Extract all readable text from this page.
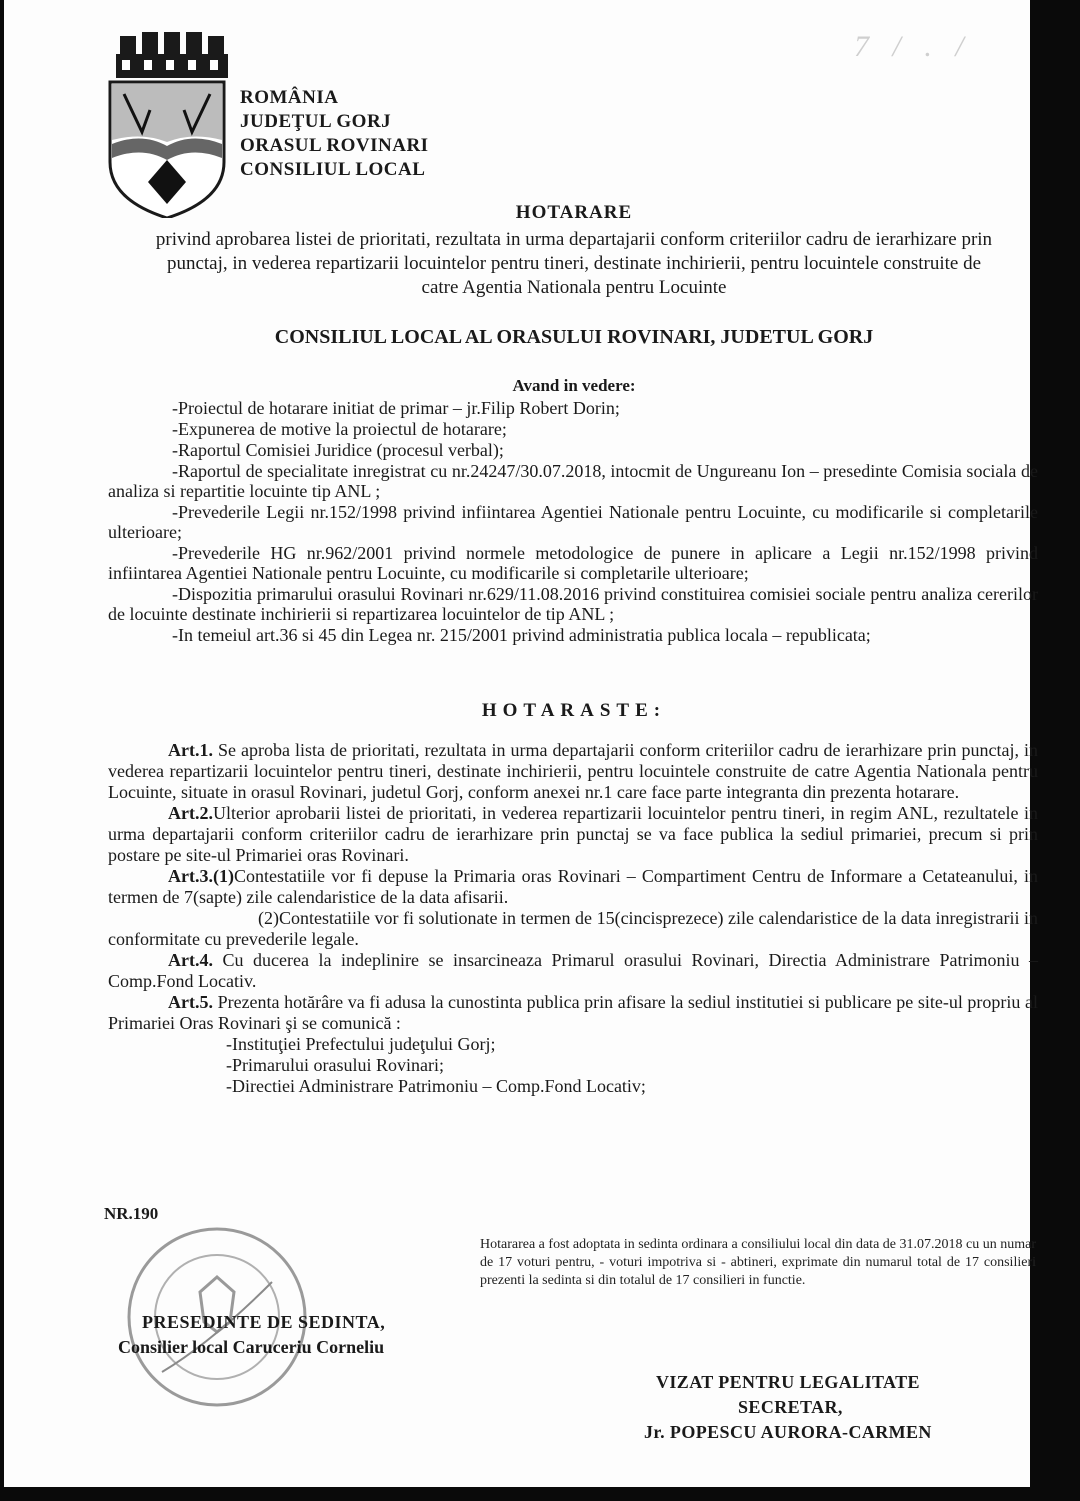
ROMÂNIA
JUDEŢUL GORJ
ORASUL ROVINARI
CONSILIUL LOCAL
7 / . /
HOTARARE
privind aprobarea listei de prioritati, rezultata in urma departajarii conform criteriilor cadru de ierarhizare prin punctaj, in vederea repartizarii locuintelor pentru tineri, destinate inchirierii, pentru locuintele construite de catre Agentia Nationala pentru Locuinte
CONSILIUL LOCAL AL ORASULUI ROVINARI, JUDETUL GORJ
Avand in vedere:

-Proiectul de hotarare initiat de primar – jr.Filip Robert Dorin;

-Expunerea de motive la proiectul de hotarare;

-Raportul Comisiei Juridice (procesul verbal);

-Raportul de specialitate inregistrat cu nr.24247/30.07.2018, intocmit de Ungureanu Ion – presedinte Comisia sociala de analiza si repartitie locuinte tip ANL ;

-Prevederile Legii nr.152/1998 privind infiintarea Agentiei Nationale pentru Locuinte, cu modificarile si completarile ulterioare;

-Prevederile HG nr.962/2001 privind normele metodologice de punere in aplicare a Legii nr.152/1998 privind infiintarea Agentiei Nationale pentru Locuinte, cu modificarile si completarile ulterioare;

-Dispozitia primarului orasului Rovinari nr.629/11.08.2016 privind constituirea comisiei sociale pentru analiza cererilor de locuinte destinate inchirierii si repartizarea locuintelor de tip ANL ;

-In temeiul art.36 si 45 din Legea nr. 215/2001 privind administratia publica locala – republicata;

HOTARASTE:

Art.1. Se aproba lista de prioritati, rezultata in urma departajarii conform criteriilor cadru de ierarhizare prin punctaj, in vederea repartizarii locuintelor pentru tineri, destinate inchirierii, pentru locuintele construite de catre Agentia Nationala pentru Locuinte, situate in orasul Rovinari, judetul Gorj, conform anexei nr.1 care face parte integranta din prezenta hotarare.

Art.2.Ulterior aprobarii listei de prioritati, in vederea repartizarii locuintelor pentru tineri, in regim ANL, rezultatele in urma departajarii conform criteriilor cadru de ierarhizare prin punctaj se va face publica la sediul primariei, precum si prin postare pe site-ul Primariei oras Rovinari.

Art.3.(1)Contestatiile vor fi depuse la Primaria oras Rovinari – Compartiment Centru de Informare a Cetateanului, in termen de 7(sapte) zile calendaristice de la data afisarii.

(2)Contestatiile vor fi solutionate in termen de 15(cincisprezece) zile calendaristice de la data inregistrarii in conformitate cu prevederile legale.

Art.4. Cu ducerea la indeplinire se insarcineaza Primarul orasului Rovinari, Directia Administrare Patrimoniu – Comp.Fond Locativ.

Art.5. Prezenta hotărâre va fi adusa la cunostinta publica prin afisare la sediul institutiei si publicare pe site-ul propriu al Primariei Oras Rovinari şi se comunică :

-Instituţiei Prefectului judeţului Gorj;

-Primarului orasului Rovinari;

-Directiei Administrare Patrimoniu – Comp.Fond Locativ;

NR.190
Hotararea a fost adoptata in sedinta ordinara a consiliului local din data de 31.07.2018 cu un numar de 17 voturi pentru, - voturi impotriva si - abtineri, exprimate din numarul total de 17 consilieri prezenti la sedinta si din totalul de 17 consilieri in functie.
PRESEDINTE DE SEDINTA,
Consilier local Caruceriu Corneliu
VIZAT PENTRU LEGALITATE
SECRETAR,
Jr. POPESCU AURORA-CARMEN
